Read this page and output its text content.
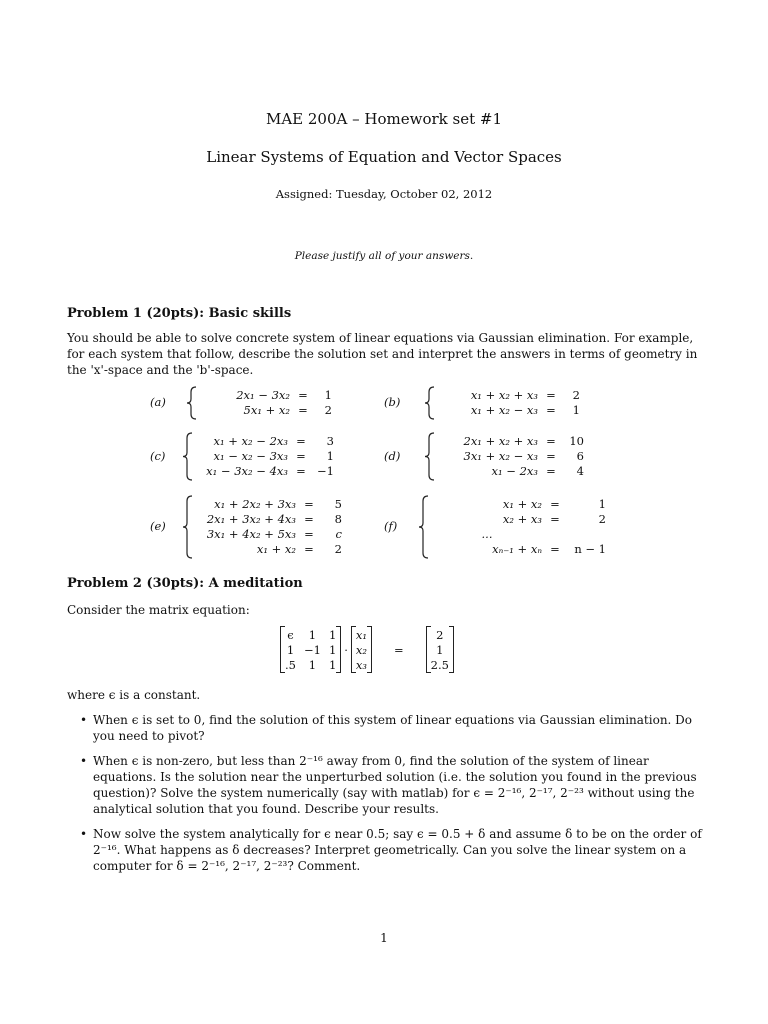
MAE 200A – Homework set #1
Linear Systems of Equation and Vector Spaces
Assigned: Tuesday, October 02, 2012
Please justify all of your answers.
Problem 1 (20pts): Basic skills
You should be able to solve concrete system of linear equations via Gaussian elimination. For example, for each system that follow, describe the solution set and interpret the answers in terms of geometry in the 'x'-space and the 'b'-space.
(a)	2x₁ − 3x₂ =	1
5x₁ + x₂ =	2
(b)	x₁ + x₂ + x₃ =	2
x₁ + x₂ − x₃ =	1
(c)
x₁ + x₂ − 2x₃ =	3
x₁ − x₂ − 3x₃ =	1
x₁ − 3x₂ − 4x₃ = −1
(d)
2x₁ + x₂ + x₃ =	10
3x₁ + x₂ − x₃ =	6
x₁ − 2x₃ =	4
(e)
x₁ + 2x₂ + 3x₃ =	5
2x₁ + 3x₂ + 4x₃ =	8
3x₁ + 4x₂ + 5x₃ =	c
x₁ + x₂ =	2
(f)
x₁ + x₂ =	1
x₂ + x₃ =	2
...
xₙ₋₁ + xₙ =	n − 1
Problem 2 (30pts): A meditation
Consider the matrix equation:
ϵ	1	1
1	−1	1
.5	1	1
·
x₁
x₂
x₃
=
2
1
2.5
where ϵ is a constant.
• When ϵ is set to 0, find the solution of this system of linear equations via Gaussian elimination. Do you need to pivot?
• When ϵ is non-zero, but less than 2⁻¹⁶ away from 0, find the solution of the system of linear equations. Is the solution near the unperturbed solution (i.e. the solution you found in the previous question)? Solve the system numerically (say with matlab) for ϵ = 2⁻¹⁶, 2⁻¹⁷, 2⁻²³ without using the analytical solution that you found. Describe your results.
• Now solve the system analytically for ϵ near 0.5; say ϵ = 0.5 + δ and assume δ to be on the order of 2⁻¹⁶. What happens as δ decreases? Interpret geometrically. Can you solve the linear system on a computer for δ = 2⁻¹⁶, 2⁻¹⁷, 2⁻²³? Comment.
1
